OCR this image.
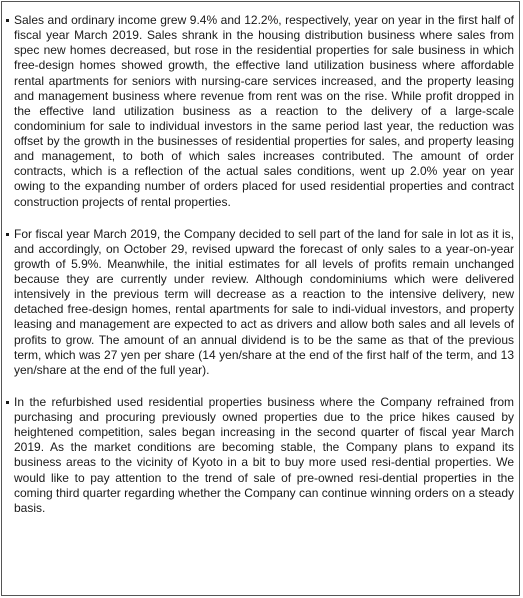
Sales and ordinary income grew 9.4% and 12.2%, respectively, year on year in the first half of fiscal year March 2019. Sales shrank in the housing distribution business where sales from spec new homes decreased, but rose in the residential properties for sale business in which free-design homes showed growth, the effective land utilization business where affordable rental apartments for seniors with nursing-care services increased, and the property leasing and management business where revenue from rent was on the rise. While profit dropped in the effective land utilization business as a reaction to the delivery of a large-scale condominium for sale to individual investors in the same period last year, the reduction was offset by the growth in the businesses of residential properties for sales, and property leasing and management, to both of which sales increases contributed. The amount of order contracts, which is a reflection of the actual sales conditions, went up 2.0% year on year owing to the expanding number of orders placed for used residential properties and contract construction projects of rental properties.

For fiscal year March 2019, the Company decided to sell part of the land for sale in lot as it is, and accordingly, on October 29, revised upward the forecast of only sales to a year-on-year growth of 5.9%. Meanwhile, the initial estimates for all levels of profits remain unchanged because they are currently under review. Although condominiums which were delivered intensively in the previous term will decrease as a reaction to the intensive delivery, new detached free-design homes, rental apartments for sale to indi-vidual investors, and property leasing and management are expected to act as drivers and allow both sales and all levels of profits to grow. The amount of an annual dividend is to be the same as that of the previous term, which was 27 yen per share (14 yen/share at the end of the first half of the term, and 13 yen/share at the end of the full year).

In the refurbished used residential properties business where the Company refrained from purchasing and procuring previously owned properties due to the price hikes caused by heightened competition, sales began increasing in the second quarter of fiscal year March 2019. As the market conditions are becoming stable, the Company plans to expand its business areas to the vicinity of Kyoto in a bit to buy more used resi-dential properties. We would like to pay attention to the trend of sale of pre-owned resi-dential properties in the coming third quarter regarding whether the Company can continue winning orders on a steady basis.
